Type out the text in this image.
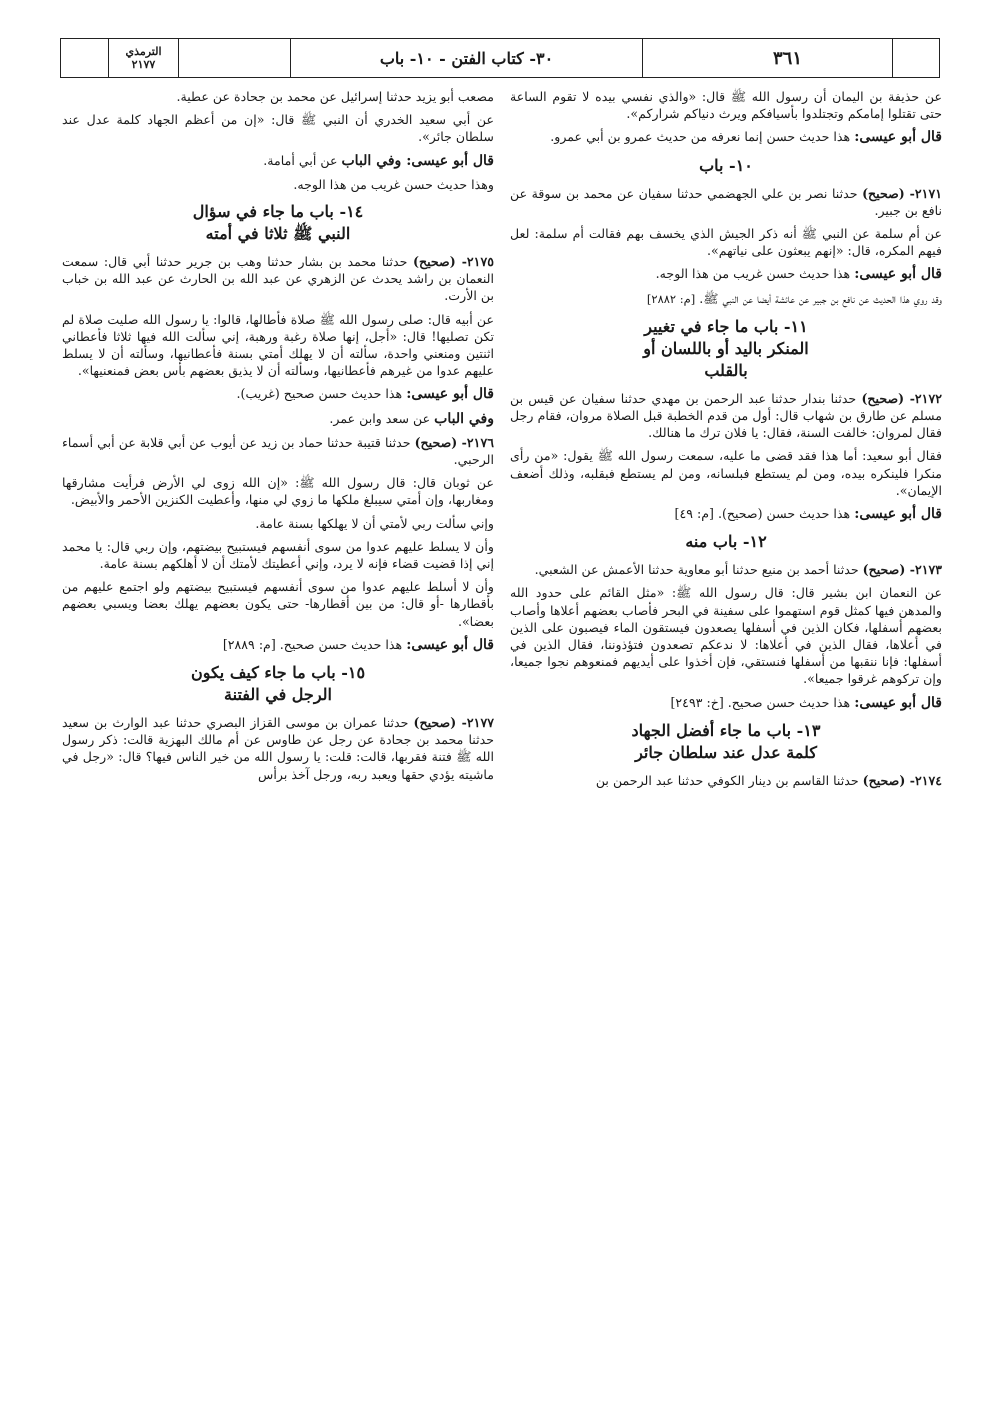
الترمذي
٢١٧٧	٣٠- كتاب الفتن - ١٠- باب	٣٦١

عن حذيفة بن اليمان أن رسول الله ﷺ قال: «والذي نفسي بيده لا تقوم الساعة حتى تقتلوا إمامكم وتجتلدوا بأسيافكم ويرث دنياكم شراركم».

قال أبو عيسى: هذا حديث حسن إنما نعرفه من حديث عمرو بن أبي عمرو.

١٠- باب

٢١٧١- (صحيح) حدثنا نصر بن علي الجهضمي حدثنا سفيان عن محمد بن سوقة عن نافع بن جبير.

عن أم سلمة عن النبي ﷺ أنه ذكر الجيش الذي يخسف بهم فقالت أم سلمة: لعل فيهم المكره، قال: «إنهم يبعثون على نياتهم».

قال أبو عيسى: هذا حديث حسن غريب من هذا الوجه.

وقد روي هذا الحديث عن نافع بن جبير عن عائشة أيضا عن النبي ﷺ. [م: ٢٨٨٢]

١١- باب ما جاء في تغيير
المنكر باليد أو باللسان أو
بالقلب

٢١٧٢- (صحيح) حدثنا بندار حدثنا عبد الرحمن بن مهدي حدثنا سفيان عن قيس بن مسلم عن طارق بن شهاب قال: أول من قدم الخطبة قبل الصلاة مروان، فقام رجل فقال لمروان: خالفت السنة، فقال: يا فلان ترك ما هنالك.

فقال أبو سعيد: أما هذا فقد قضى ما عليه، سمعت رسول الله ﷺ يقول: «من رأى منكرا فلينكره بيده، ومن لم يستطع فبلسانه، ومن لم يستطع فبقلبه، وذلك أضعف الإيمان».

قال أبو عيسى: هذا حديث حسن (صحيح). [م: ٤٩]

١٢- باب منه

٢١٧٣- (صحيح) حدثنا أحمد بن منيع حدثنا أبو معاوية حدثنا الأعمش عن الشعبي.

عن النعمان ابن بشير قال: قال رسول الله ﷺ: «مثل القائم على حدود الله والمدهن فيها كمثل قوم استهموا على سفينة في البحر فأصاب بعضهم أعلاها وأصاب بعضهم أسفلها، فكان الذين في أسفلها يصعدون فيستقون الماء فيصبون على الذين في أعلاها، فقال الذين في أعلاها: لا ندعكم تصعدون فتؤذوننا، فقال الذين في أسفلها: فإنا ننقبها من أسفلها فنستقي، فإن أخذوا على أيديهم فمنعوهم نجوا جميعا، وإن تركوهم غرقوا جميعا».

قال أبو عيسى: هذا حديث حسن صحيح. [خ: ٢٤٩٣]

١٣- باب ما جاء أفضل الجهاد
كلمة عدل عند سلطان جائر

٢١٧٤- (صحيح) حدثنا القاسم بن دينار الكوفي حدثنا عبد الرحمن بن

مصعب أبو يزيد حدثنا إسرائيل عن محمد بن جحادة عن عطية.

عن أبي سعيد الخدري أن النبي ﷺ قال: «إن من أعظم الجهاد كلمة عدل عند سلطان جائر».

قال أبو عيسى: وفي الباب عن أبي أمامة.

وهذا حديث حسن غريب من هذا الوجه.

١٤- باب ما جاء في سؤال
النبي ﷺ ثلاثا في أمته

٢١٧٥- (صحيح) حدثنا محمد بن بشار حدثنا وهب بن جرير حدثنا أبي قال: سمعت النعمان بن راشد يحدث عن الزهري عن عبد الله بن الحارث عن عبد الله بن خباب بن الأرت.

عن أبيه قال: صلى رسول الله ﷺ صلاة فأطالها، قالوا: يا رسول الله صليت صلاة لم تكن تصليها! قال: «أجل، إنها صلاة رغبة ورهبة، إني سألت الله فيها ثلاثا فأعطاني اثنتين ومنعني واحدة، سألته أن لا يهلك أمتي بسنة فأعطانيها، وسألته أن لا يسلط عليهم عدوا من غيرهم فأعطانيها، وسألته أن لا يذيق بعضهم بأس بعض فمنعنيها».

قال أبو عيسى: هذا حديث حسن صحيح (غريب).

وفي الباب عن سعد وابن عمر.

٢١٧٦- (صحيح) حدثنا قتيبة حدثنا حماد بن زيد عن أيوب عن أبي قلابة عن أبي أسماء الرحبي.

عن ثوبان قال: قال رسول الله ﷺ: «إن الله زوى لي الأرض فرأيت مشارقها ومغاربها، وإن أمتي سيبلغ ملكها ما زوي لي منها، وأعطيت الكنزين الأحمر والأبيض.

وإني سألت ربي لأمتي أن لا يهلكها بسنة عامة.

وأن لا يسلط عليهم عدوا من سوى أنفسهم فيستبيح بيضتهم، وإن ربي قال: يا محمد إني إذا قضيت قضاء فإنه لا يرد، وإني أعطيتك لأمتك أن لا أهلكهم بسنة عامة.

وأن لا أسلط عليهم عدوا من سوى أنفسهم فيستبيح بيضتهم ولو اجتمع عليهم من بأقطارها -أو قال: من بين أقطارها- حتى يكون بعضهم يهلك بعضا ويسبي بعضهم بعضا».

قال أبو عيسى: هذا حديث حسن صحيح. [م: ٢٨٨٩]

١٥- باب ما جاء كيف يكون
الرجل في الفتنة

٢١٧٧- (صحيح) حدثنا عمران بن موسى القزاز البصري حدثنا عبد الوارث بن سعيد حدثنا محمد بن جحادة عن رجل عن طاوس عن أم مالك البهزية قالت: ذكر رسول الله ﷺ فتنة فقربها، قالت: قلت: يا رسول الله من خير الناس فيها؟ قال: «رجل في ماشيته يؤدي حقها ويعبد ربه، ورجل آخذ برأس
